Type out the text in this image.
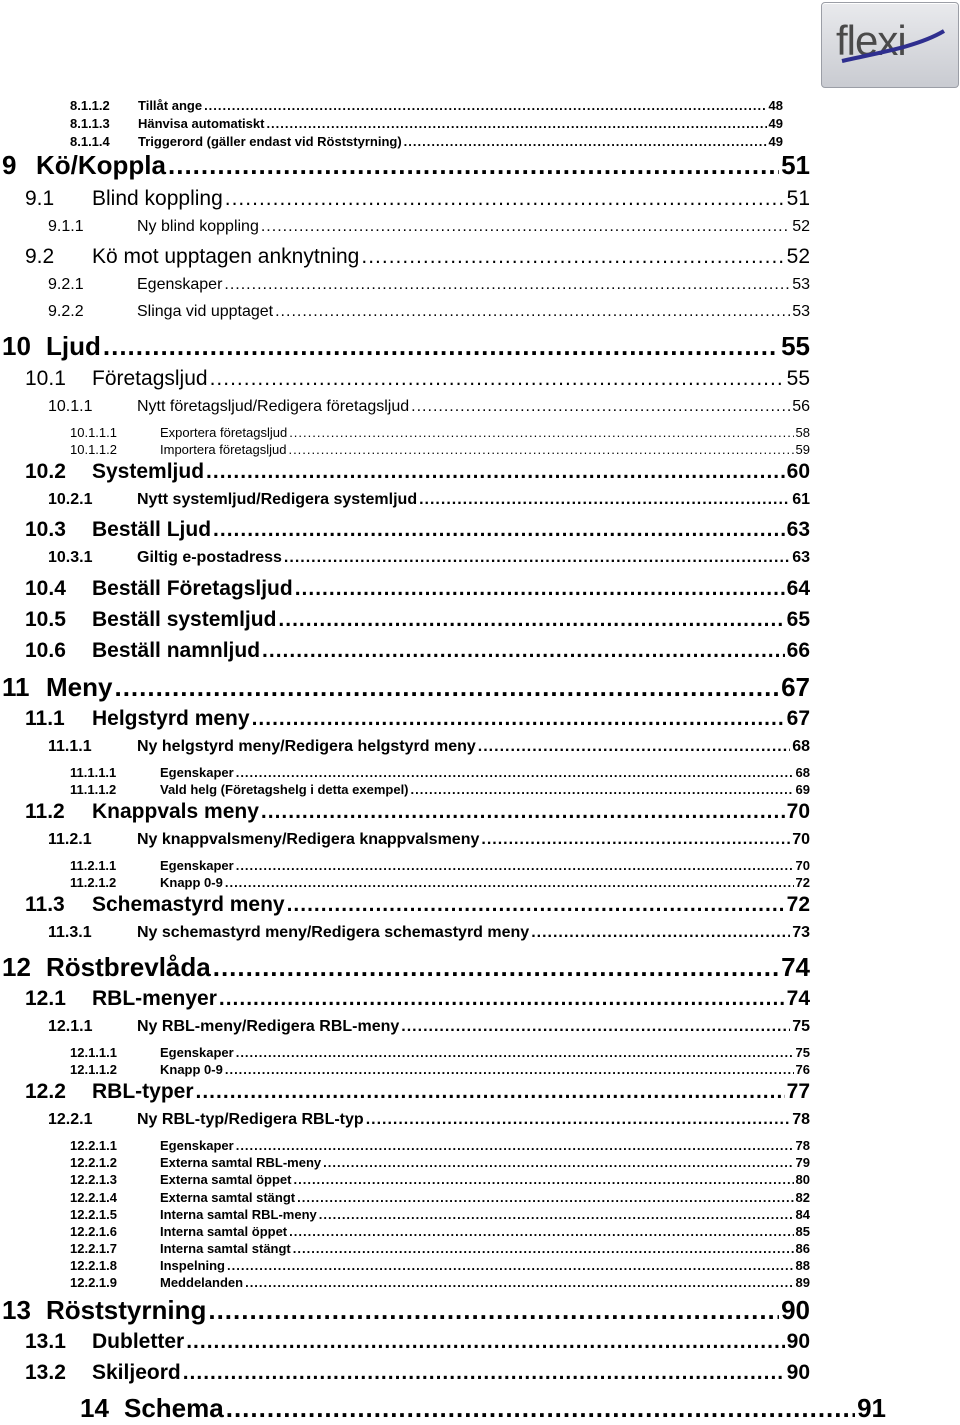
flexi
8.1.1.2	Tillåt ange .....	48
8.1.1.3	Hänvisa automatiskt .....	49
8.1.1.4	Triggerord (gäller endast vid Röststyrning) .....	49
9 Kö/Koppla .....	51
9.1	Blind koppling .....	51
9.1.1	Ny blind koppling .....	52
9.2	Kö mot upptagen anknytning .....	52
9.2.1	Egenskaper .....	53
9.2.2	Slinga vid upptaget .....	53
10 Ljud .....	55
10.1	Företagsljud .....	55
10.1.1	Nytt företagsljud/Redigera företagsljud .....	56
10.1.1.1	Exportera företagsljud .....	58
10.1.1.2	Importera företagsljud .....	59
10.2	Systemljud .....	60
10.2.1	Nytt systemljud/Redigera systemljud .....	61
10.3	Beställ Ljud .....	63
10.3.1	Giltig e-postadress .....	63
10.4	Beställ Företagsljud .....	64
10.5	Beställ systemljud .....	65
10.6	Beställ namnljud .....	66
11 Meny .....	67
11.1	Helgstyrd meny .....	67
11.1.1	Ny helgstyrd meny/Redigera helgstyrd meny .....	68
11.1.1.1	Egenskaper .....	68
11.1.1.2	Vald helg (Företagshelg i detta exempel) .....	69
11.2	Knappvals meny .....	70
11.2.1	Ny knappvalsmeny/Redigera knappvalsmeny .....	70
11.2.1.1	Egenskaper .....	70
11.2.1.2	Knapp 0-9 .....	72
11.3	Schemastyrd meny .....	72
11.3.1	Ny schemastyrd meny/Redigera schemastyrd meny .....	73
12 Röstbrevlåda .....	74
12.1	RBL-menyer .....	74
12.1.1	Ny RBL-meny/Redigera RBL-meny .....	75
12.1.1.1	Egenskaper .....	75
12.1.1.2	Knapp 0-9 .....	76
12.2	RBL-typer .....	77
12.2.1	Ny RBL-typ/Redigera RBL-typ .....	78
12.2.1.1	Egenskaper .....	78
12.2.1.2	Externa samtal RBL-meny .....	79
12.2.1.3	Externa samtal öppet .....	80
12.2.1.4	Externa samtal stängt .....	82
12.2.1.5	Interna samtal RBL-meny .....	84
12.2.1.6	Interna samtal öppet .....	85
12.2.1.7	Interna samtal stängt .....	86
12.2.1.8	Inspelning .....	88
12.2.1.9	Meddelanden .....	89
13 Röststyrning .....	90
13.1	Dubletter .....	90
13.2	Skiljeord .....	90
14 Schema .....	91
